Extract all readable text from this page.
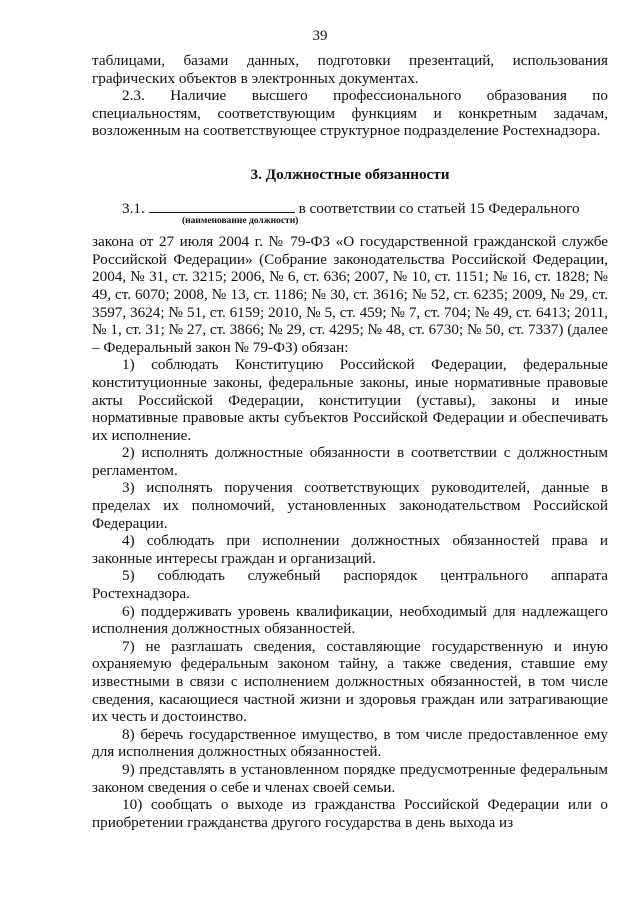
39

таблицами, базами данных, подготовки презентаций, использования графических объектов в электронных документах.

2.3. Наличие высшего профессионального образования по специальностям, соответствующим функциям и конкретным задачам, возложенным на соответствующее структурное подразделение Ростехнадзора.

3. Должностные обязанности

3.1.	в соответствии со статьей 15 Федерального

(наименование должности)

закона от 27 июля 2004 г. № 79-ФЗ «О государственной гражданской службе Российской Федерации» (Собрание законодательства Российской Федерации, 2004, № 31, ст. 3215; 2006, № 6, ст. 636; 2007, № 10, ст. 1151; № 16, ст. 1828; № 49, ст. 6070; 2008, № 13, ст. 1186; № 30, ст. 3616; № 52, ст. 6235; 2009, № 29, ст. 3597, 3624; № 51, ст. 6159; 2010, № 5, ст. 459; № 7, ст. 704; № 49, ст. 6413; 2011, № 1, ст. 31; № 27, ст. 3866; № 29, ст. 4295; № 48, ст. 6730; № 50, ст. 7337) (далее – Федеральный закон № 79-ФЗ) обязан:

1) соблюдать Конституцию Российской Федерации, федеральные конституционные законы, федеральные законы, иные нормативные правовые акты Российской Федерации, конституции (уставы), законы и иные нормативные правовые акты субъектов Российской Федерации и обеспечивать их исполнение.

2) исполнять должностные обязанности в соответствии с должностным регламентом.

3) исполнять поручения соответствующих руководителей, данные в пределах их полномочий, установленных законодательством Российской Федерации.

4) соблюдать при исполнении должностных обязанностей права и законные интересы граждан и организаций.

5) соблюдать служебный распорядок центрального аппарата Ростехнадзора.

6) поддерживать уровень квалификации, необходимый для надлежащего исполнения должностных обязанностей.

7) не разглашать сведения, составляющие государственную и иную охраняемую федеральным законом тайну, а также сведения, ставшие ему известными в связи с исполнением должностных обязанностей, в том числе сведения, касающиеся частной жизни и здоровья граждан или затрагивающие их честь и достоинство.

8) беречь государственное имущество, в том числе предоставленное ему для исполнения должностных обязанностей.

9) представлять в установленном порядке предусмотренные федеральным законом сведения о себе и членах своей семьи.

10) сообщать о выходе из гражданства Российской Федерации или о приобретении гражданства другого государства в день выхода из
